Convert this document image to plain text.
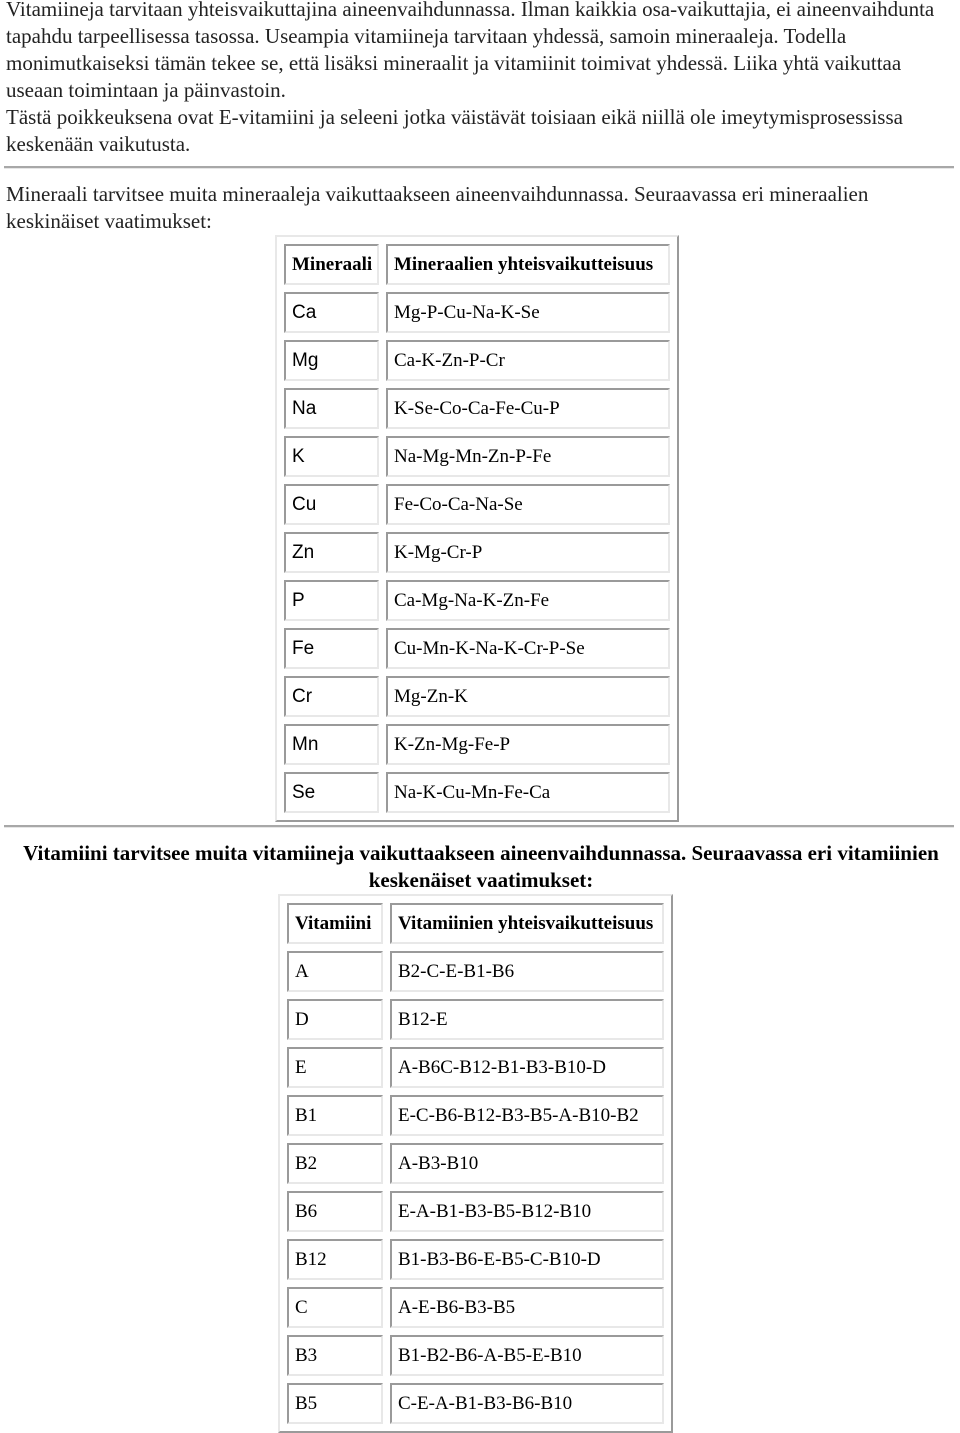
Vitamiineja tarvitaan yhteisvaikuttajina aineenvaihdunnassa. Ilman kaikkia osa-vaikuttajia, ei aineenvaihdunta tapahdu tarpeellisessa tasossa. Useampia vitamiineja tarvitaan yhdessä, samoin mineraaleja. Todella monimutkaiseksi tämän tekee se, että lisäksi mineraalit ja vitamiinit toimivat yhdessä. Liika yhtä vaikuttaa useaan toimintaan ja päinvastoin.
Tästä poikkeuksena ovat E-vitamiini ja seleeni jotka väistävät toisiaan eikä niillä ole imeytymisprosessissa keskenään vaikutusta.
Mineraali tarvitsee muita mineraaleja vaikuttaakseen aineenvaihdunnassa. Seuraavassa eri mineraalien keskinäiset vaatimukset:
Mineraali	Mineraalien yhteisvaikutteisuus
Ca	Mg-P-Cu-Na-K-Se
Mg	Ca-K-Zn-P-Cr
Na	K-Se-Co-Ca-Fe-Cu-P
K	Na-Mg-Mn-Zn-P-Fe
Cu	Fe-Co-Ca-Na-Se
Zn	K-Mg-Cr-P
P	Ca-Mg-Na-K-Zn-Fe
Fe	Cu-Mn-K-Na-K-Cr-P-Se
Cr	Mg-Zn-K
Mn	K-Zn-Mg-Fe-P
Se	Na-K-Cu-Mn-Fe-Ca
Vitamiini tarvitsee muita vitamiineja vaikuttaakseen aineenvaihdunnassa. Seuraavassa eri vitamiinien keskenäiset vaatimukset:
Vitamiini	Vitamiinien yhteisvaikutteisuus
A	B2-C-E-B1-B6
D	B12-E
E	A-B6C-B12-B1-B3-B10-D
B1	E-C-B6-B12-B3-B5-A-B10-B2
B2	A-B3-B10
B6	E-A-B1-B3-B5-B12-B10
B12	B1-B3-B6-E-B5-C-B10-D
C	A-E-B6-B3-B5
B3	B1-B2-B6-A-B5-E-B10
B5	C-E-A-B1-B3-B6-B10
